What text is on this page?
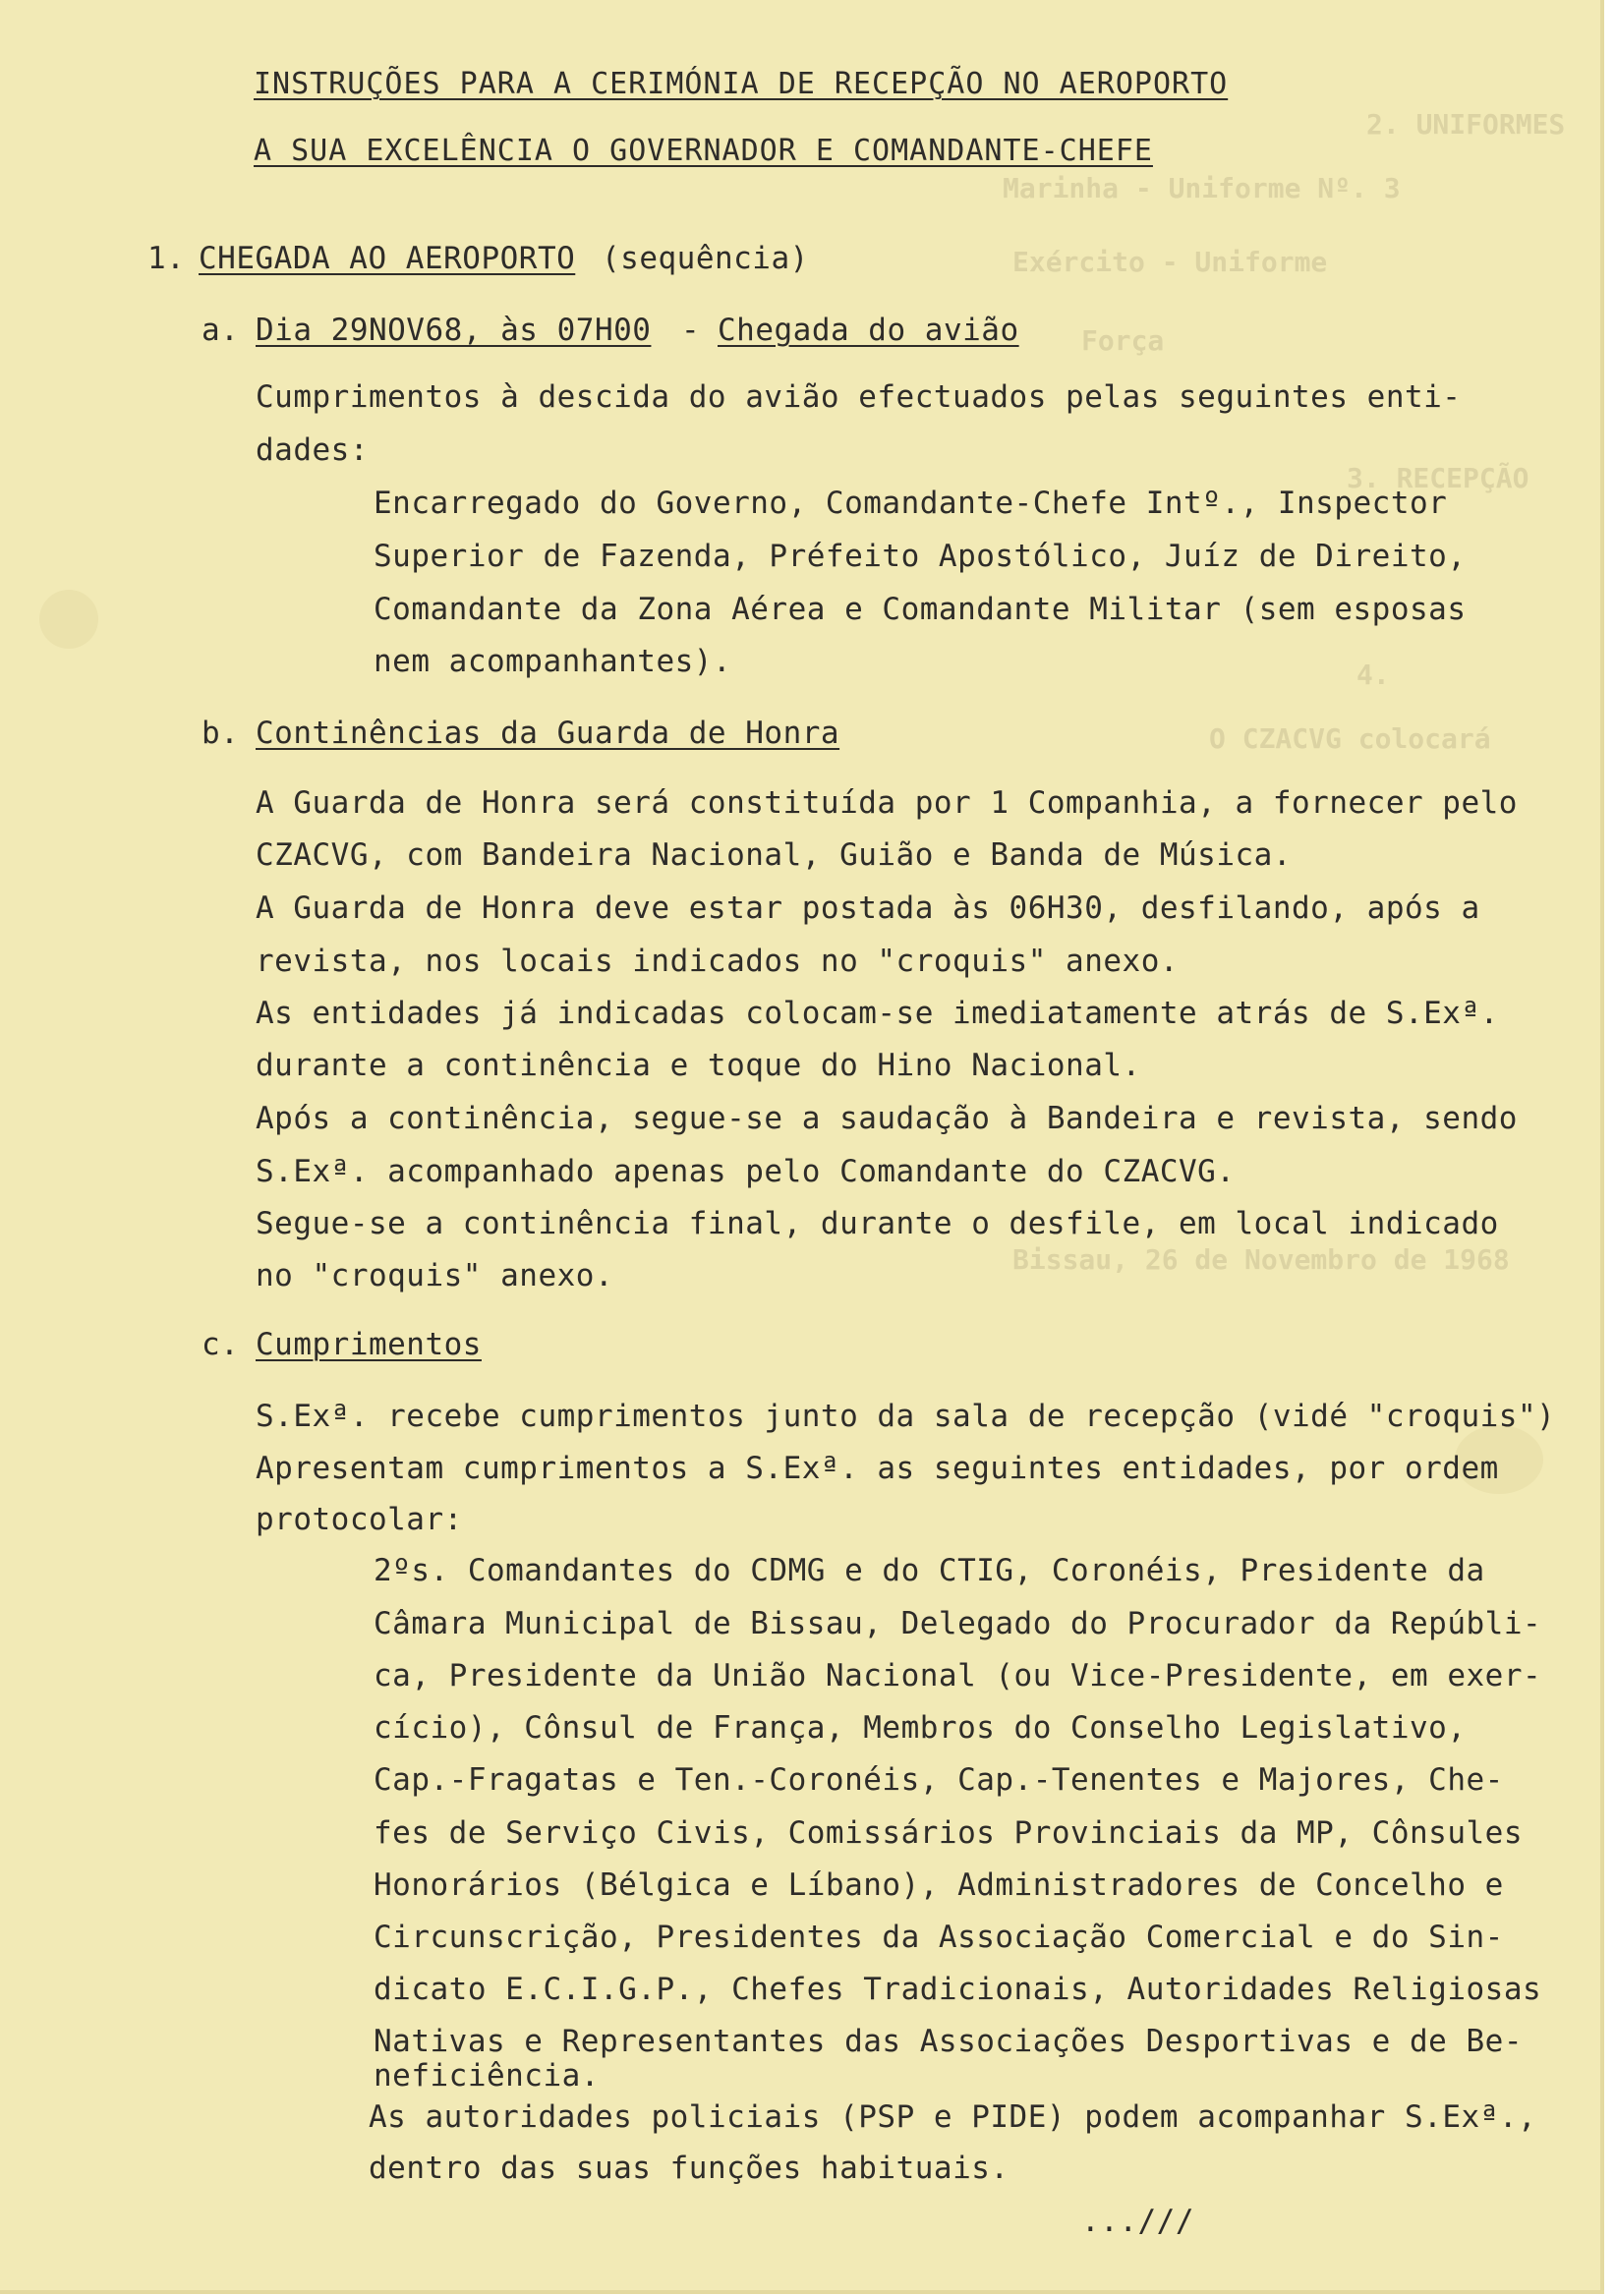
2. UNIFORMES
Marinha - Uniforme Nº. 3
Exército - Uniforme
Força
3. RECEPÇÃO
4.
O CZACVG colocará
Bissau, 26 de Novembro de 1968
INSTRUÇÕES PARA A CERIMÓNIA DE RECEPÇÃO NO AEROPORTO
A SUA EXCELÊNCIA O GOVERNADOR E COMANDANTE-CHEFE
1. CHEGADA AO AEROPORTO (sequência)
a. Dia 29NOV68, às 07H00 - Chegada do avião
Cumprimentos à descida do avião efectuados pelas seguintes enti-
dades:
Encarregado do Governo, Comandante-Chefe Intº., Inspector
Superior de Fazenda, Préfeito Apostólico, Juíz de Direito,
Comandante da Zona Aérea e Comandante Militar (sem esposas
nem acompanhantes).
b. Continências da Guarda de Honra
A Guarda de Honra será constituída por 1 Companhia, a fornecer pelo
CZACVG, com Bandeira Nacional, Guião e Banda de Música.
A Guarda de Honra deve estar postada às 06H30, desfilando, após a
revista, nos locais indicados no "croquis" anexo.
As entidades já indicadas colocam-se imediatamente atrás de S.Exª.
durante a continência e toque do Hino Nacional.
Após a continência, segue-se a saudação à Bandeira e revista, sendo
S.Exª. acompanhado apenas pelo Comandante do CZACVG.
Segue-se a continência final, durante o desfile, em local indicado
no "croquis" anexo.
c. Cumprimentos
S.Exª. recebe cumprimentos junto da sala de recepção (vidé "croquis")
Apresentam cumprimentos a S.Exª. as seguintes entidades, por ordem
protocolar:
2ºs. Comandantes do CDMG e do CTIG, Coronéis, Presidente da
Câmara Municipal de Bissau, Delegado do Procurador da Repúbli-
ca, Presidente da União Nacional (ou Vice-Presidente, em exer-
cício), Cônsul de França, Membros do Conselho Legislativo,
Cap.-Fragatas e Ten.-Coronéis, Cap.-Tenentes e Majores, Che-
fes de Serviço Civis, Comissários Provinciais da MP, Cônsules
Honorários (Bélgica e Líbano), Administradores de Concelho e
Circunscrição, Presidentes da Associação Comercial e do Sin-
dicato E.C.I.G.P., Chefes Tradicionais, Autoridades Religiosas
Nativas e Representantes das Associações Desportivas e de Be-
neficiência.
As autoridades policiais (PSP e PIDE) podem acompanhar S.Exª.,
dentro das suas funções habituais.
...///
